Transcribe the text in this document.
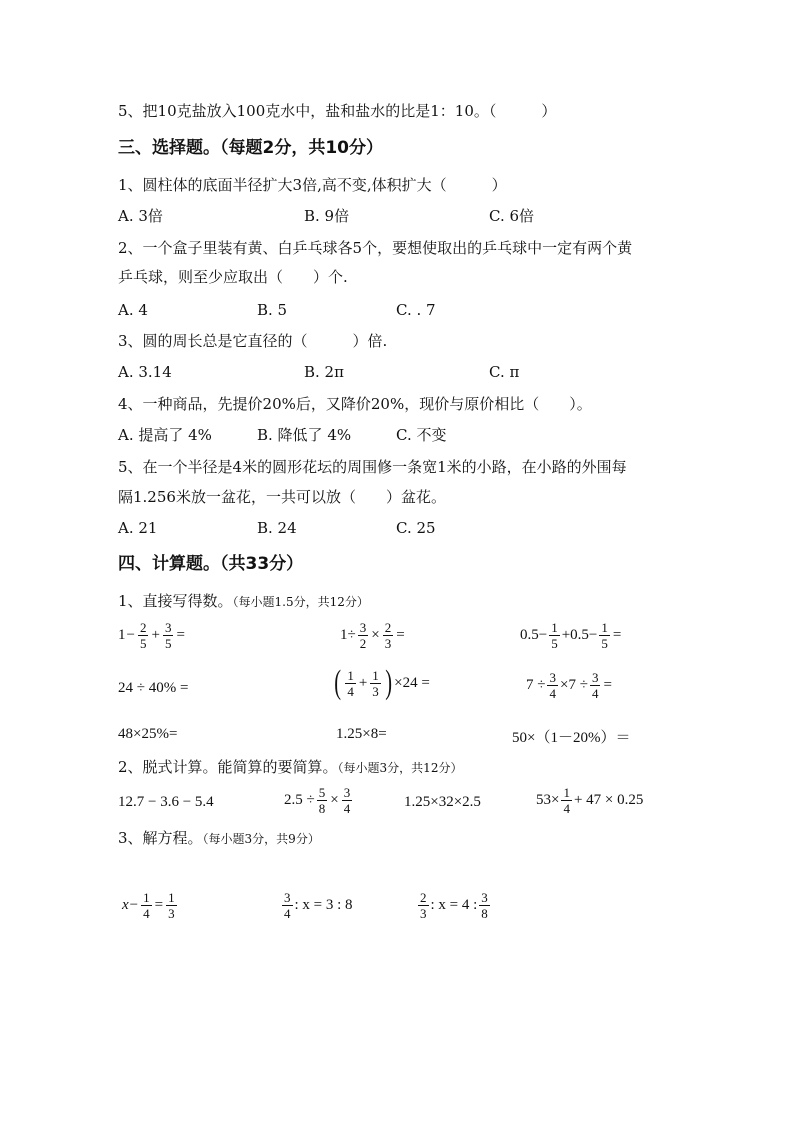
5、把10克盐放入100克水中，盐和盐水的比是1：10。（　　　）
三、选择题。（每题2分，共10分）
1、圆柱体的底面半径扩大3倍,高不变,体积扩大（　　　）
A. 3倍	B. 9倍	C. 6倍
2、一个盒子里装有黄、白乒乓球各5个，要想使取出的乒乓球中一定有两个黄
乒乓球，则至少应取出（　　）个.
A. 4	B. 5	C. . 7
3、圆的周长总是它直径的（　　　）倍.
A. 3.14	B. 2π	C. π
4、一种商品，先提价20%后，又降价20%，现价与原价相比（　　）。
A. 提高了 4%	B. 降低了 4%	C. 不变
5、在一个半径是4米的圆形花坛的周围修一条宽1米的小路，在小路的外围每
隔1.256米放一盆花，一共可以放（　　）盆花。
A. 21	B. 24	C. 25
四、计算题。（共33分）
1、直接写得数。（每小题1.5分，共12分）
$1 - \frac{2}{5} + \frac{3}{5}$ =	$1\div \frac{3}{2} \times \frac{2}{3}$ =	$0.5- \frac{1}{5} +0.5- \frac{1}{5}$ =
24 ÷ 40% =	( $\frac{1}{4} + \frac{1}{3}$ ) ×24 =	$7 \div \frac{3}{4} \times 7 \div \frac{3}{4}$ =
48×25%=	1.25×8=	50×（1－20%）＝
2、脱式计算。能简算的要简算。（每小题3分，共12分）
12.7 − 3.6 − 5.4	$2.5 \div \frac{5}{8} \times \frac{3}{4}$	1.25×32×2.5	$53\times \frac{1}{4} + 47 \times 0.25$
3、解方程。（每小题3分，共9分）
$x - \frac{1}{4} = \frac{1}{3}$	$\frac{3}{4}$ : x = 3 : 8	$\frac{2}{3}$ : x = 4 : $\frac{3}{8}$
